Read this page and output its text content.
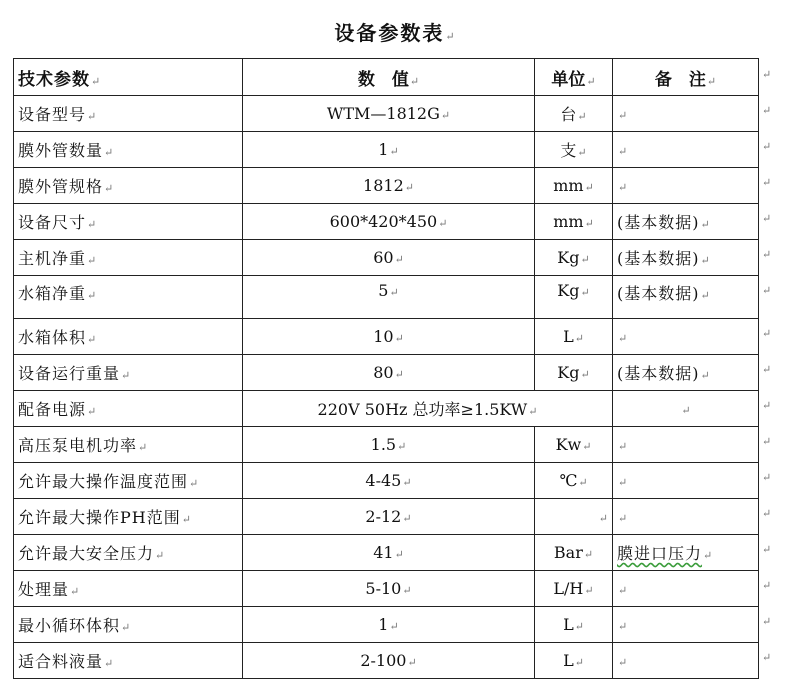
设备参数表↵
技术参数↵	数　值↵	单位↵	备　注↵
设备型号↵	WTM—1812G↵	台↵	↵
膜外管数量↵	1↵	支↵	↵
膜外管规格↵	1812↵	mm↵	↵
设备尺寸↵	600*420*450↵	mm↵	(基本数据)↵
主机净重↵	60↵	Kg↵	(基本数据)↵
水箱净重↵	5↵	Kg↵	(基本数据)↵
水箱体积↵	10↵	L↵	↵
设备运行重量↵	80↵	Kg↵	(基本数据)↵
配备电源↵	220V 50Hz 总功率≥1.5KW↵		↵
高压泵电机功率↵	1.5↵	Kw↵	↵
允许最大操作温度范围↵	4-45↵	℃↵	↵
允许最大操作PH范围↵	2-12↵	↵	↵
允许最大安全压力↵	41↵	Bar↵	膜进口压力↵
处理量↵	5-10↵	L/H↵	↵
最小循环体积↵	1↵	L↵	↵
适合料液量↵	2-100↵	L↵	↵
↵
↵
↵
↵
↵
↵
↵
↵
↵
↵
↵
↵
↵
↵
↵
↵
↵
